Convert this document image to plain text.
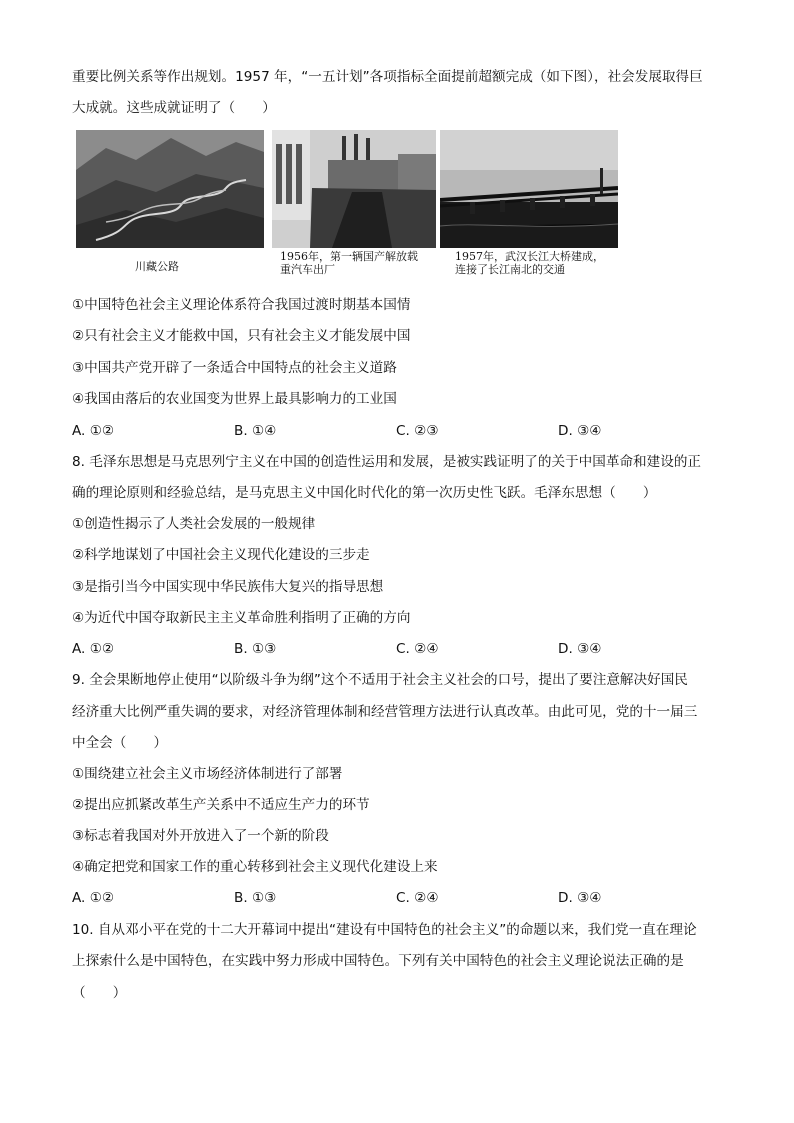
重要比例关系等作出规划。1957 年，“一五计划”各项指标全面提前超额完成（如下图），社会发展取得巨
大成就。这些成就证明了（　　）
川藏公路
1956年，第一辆国产解放载
重汽车出厂
1957年，武汉长江大桥建成，
连接了长江南北的交通
①中国特色社会主义理论体系符合我国过渡时期基本国情
②只有社会主义才能救中国，只有社会主义才能发展中国
③中国共产党开辟了一条适合中国特点的社会主义道路
④我国由落后的农业国变为世界上最具影响力的工业国
A. ①②	B. ①④	C. ②③	D. ③④
8. 毛泽东思想是马克思列宁主义在中国的创造性运用和发展，是被实践证明了的关于中国革命和建设的正
确的理论原则和经验总结，是马克思主义中国化时代化的第一次历史性飞跃。毛泽东思想（　　）
①创造性揭示了人类社会发展的一般规律
②科学地谋划了中国社会主义现代化建设的三步走
③是指引当今中国实现中华民族伟大复兴的指导思想
④为近代中国夺取新民主主义革命胜利指明了正确的方向
A. ①②	B. ①③	C. ②④	D. ③④
9. 全会果断地停止使用“以阶级斗争为纲”这个不适用于社会主义社会的口号，提出了要注意解决好国民
经济重大比例严重失调的要求，对经济管理体制和经营管理方法进行认真改革。由此可见，党的十一届三
中全会（　　）
①围绕建立社会主义市场经济体制进行了部署
②提出应抓紧改革生产关系中不适应生产力的环节
③标志着我国对外开放进入了一个新的阶段
④确定把党和国家工作的重心转移到社会主义现代化建设上来
A. ①②	B. ①③	C. ②④	D. ③④
10. 自从邓小平在党的十二大开幕词中提出“建设有中国特色的社会主义”的命题以来，我们党一直在理论
上探索什么是中国特色，在实践中努力形成中国特色。下列有关中国特色的社会主义理论说法正确的是
（　　）
